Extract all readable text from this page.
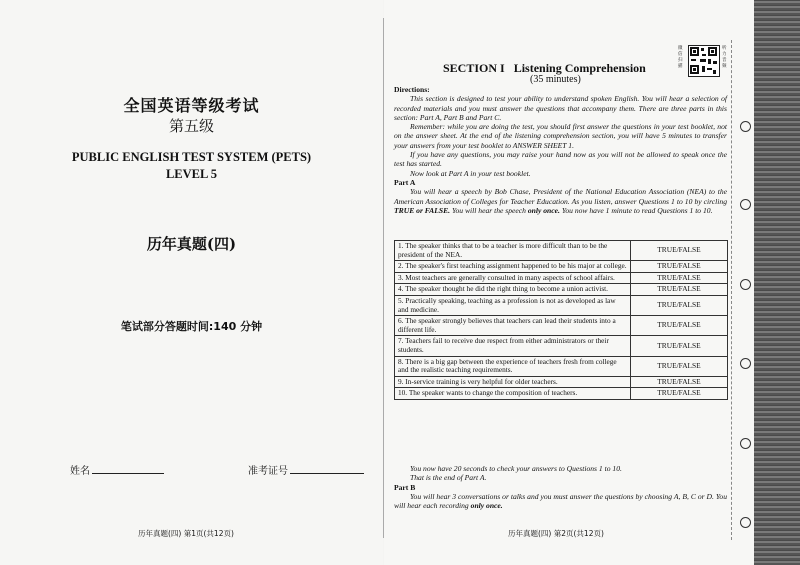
全国英语等级考试
第五级
PUBLIC ENGLISH TEST SYSTEM (PETS)
LEVEL 5
历年真题(四)
笔试部分答题时间:140 分钟
姓名	准考证号
历年真题(四) 第1页(共12页)
SECTION I   Listening Comprehension
(35 minutes)
微信扫描
听力音频

Directions:

This section is designed to test your ability to understand spoken English. You will hear a selection of recorded materials and you must answer the questions that accompany them. There are three parts in this section: Part A, Part B and Part C.

Remember: while you are doing the test, you should first answer the questions in your test booklet, not on the answer sheet. At the end of the listening comprehension section, you will have 5 minutes to transfer your answers from your test booklet to ANSWER SHEET 1.

If you have any questions, you may raise your hand now as you will not be allowed to speak once the test has started.

Now look at Part A in your test booklet.

Part A

You will hear a speech by Bob Chase, President of the National Education Association (NEA) to the American Association of Colleges for Teacher Education. As you listen, answer Questions 1 to 10 by circling TRUE or FALSE. You will hear the speech only once. You now have 1 minute to read Questions 1 to 10.

1. The speaker thinks that to be a teacher is more difficult than to be the president of the NEA.	TRUE/FALSE
2. The speaker's first teaching assignment happened to be his major at college.	TRUE/FALSE
3. Most teachers are generally consulted in many aspects of school affairs.	TRUE/FALSE
4. The speaker thought he did the right thing to become a union activist.	TRUE/FALSE
5. Practically speaking, teaching as a profession is not as developed as law and medicine.	TRUE/FALSE
6. The speaker strongly believes that teachers can lead their students into a different life.	TRUE/FALSE
7. Teachers fail to receive due respect from either administrators or their students.	TRUE/FALSE
8. There is a big gap between the experience of teachers fresh from college and the realistic teaching requirements.	TRUE/FALSE
9. In-service training is very helpful for older teachers.	TRUE/FALSE
10. The speaker wants to change the composition of teachers.	TRUE/FALSE

You now have 20 seconds to check your answers to Questions 1 to 10.

That is the end of Part A.

Part B

You will hear 3 conversations or talks and you must answer the questions by choosing A, B, C or D. You will hear each recording only once.

历年真题(四) 第2页(共12页)
